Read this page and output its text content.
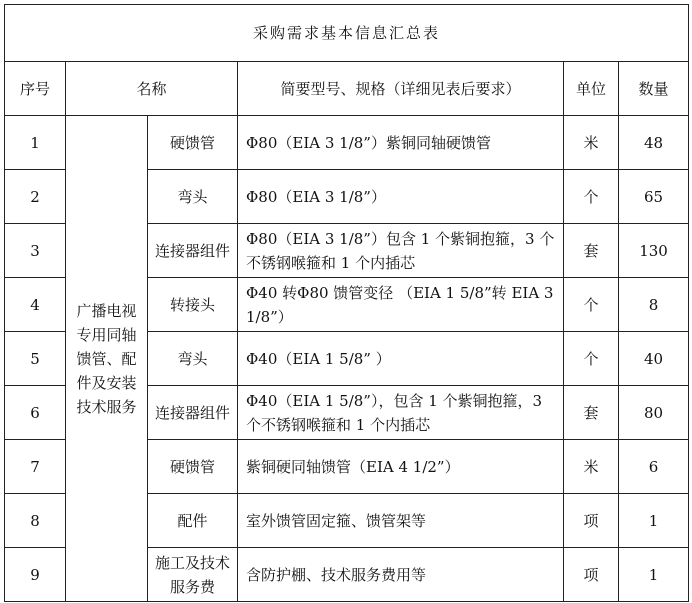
采购需求基本信息汇总表					
序号	名称		简要型号、规格（详细见表后要求）	单位	数量
1	广播电视专用同轴馈管、配件及安装技术服务	硬馈管	Φ80（EIA 3 1/8”）紫铜同轴硬馈管	米	48
2		弯头	Φ80（EIA 3 1/8”）	个	65
3		连接器组件	Φ80（EIA 3 1/8”）包含 1 个紫铜抱箍，3 个不锈钢喉箍和 1 个内插芯	套	130
4		转接头	Φ40 转Φ80 馈管变径 （EIA 1 5/8”转 EIA 3 1/8”）	个	8
5		弯头	Φ40（EIA 1 5/8” ）	个	40
6		连接器组件	Φ40（EIA 1 5/8”），包含 1 个紫铜抱箍，3 个不锈钢喉箍和 1 个内插芯	套	80
7		硬馈管	紫铜硬同轴馈管（EIA 4 1/2”）	米	6
8		配件	室外馈管固定箍、馈管架等	项	1
9		施工及技术服务费	含防护棚、技术服务费用等	项	1
